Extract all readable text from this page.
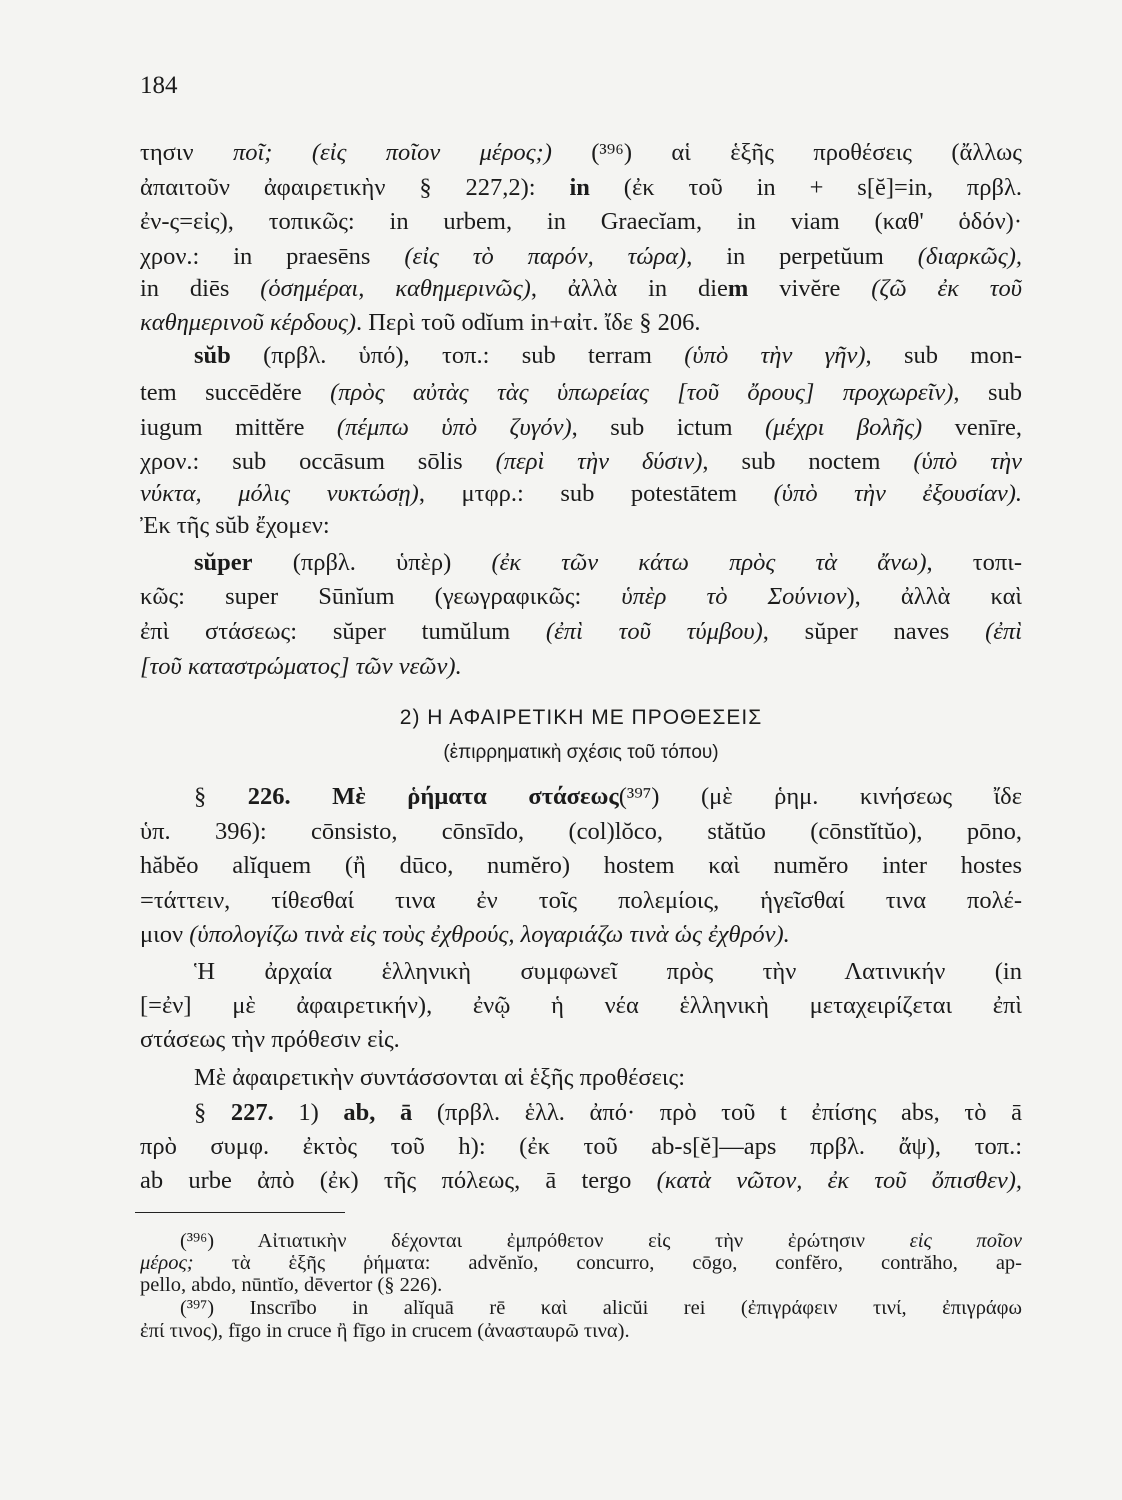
184
τησιν ποῖ; (εἰς ποῖον μέρος;) (³⁹⁶) αἱ ἑξῆς προθέσεις (ἄλλως
ἀπαιτοῦν ἀφαιρετικὴν § 227,2): in (ἐκ τοῦ in + s[ĕ]=in, πρβλ.
ἐν-ς=εἰς), τοπικῶς: in urbem, in Graecĭam, in viam (καθ' ὁδόν)·
χρον.: in praesēns (εἰς τὸ παρόν, τώρα), in perpetŭum (διαρκῶς),
in diēs (ὁσημέραι, καθημερινῶς), ἀλλὰ in diem vivĕre (ζῶ ἐκ τοῦ
καθημερινοῦ κέρδους). Περὶ τοῦ odĭum in+αἰτ. ἴδε § 206.
sŭb (πρβλ. ὑπό), τοπ.: sub terram (ὑπὸ τὴν γῆν), sub mon-
tem succēdĕre (πρὸς αὐτὰς τὰς ὑπωρείας [τοῦ ὄρους] προχωρεῖν), sub
iugum mittĕre (πέμπω ὑπὸ ζυγόν), sub ictum (μέχρι βολῆς) venīre,
χρον.: sub occāsum sōlis (περὶ τὴν δύσιν), sub noctem (ὑπὸ τὴν
νύκτα, μόλις νυκτώσῃ), μτφρ.: sub potestātem (ὑπὸ τὴν ἐξουσίαν).
Ἐκ τῆς sŭb ἔχομεν:
sŭper (πρβλ. ὑπὲρ) (ἐκ τῶν κάτω πρὸς τὰ ἄνω), τοπι-
κῶς: super Sūnĭum (γεωγραφικῶς: ὑπὲρ τὸ Σούνιον), ἀλλὰ καὶ
ἐπὶ στάσεως: sŭper tumŭlum (ἐπὶ τοῦ τύμβου), sŭper naves (ἐπὶ
[τοῦ καταστρώματος] τῶν νεῶν).
§ 226. Μὲ ῥήματα στάσεως(³⁹⁷) (μὲ ῥημ. κινήσεως ἴδε
ὑπ. 396): cōnsisto, cōnsīdo, (col)lŏco, stătŭo (cōnstĭtŭo), pōno,
hăbĕo alĭquem (ἢ dūco, numĕro) hostem καὶ numĕro inter hostes
=τάττειν, τίθεσθαί τινα ἐν τοῖς πολεμίοις, ἡγεῖσθαί τινα πολέ-
μιον (ὑπολογίζω τινὰ εἰς τοὺς ἐχθρούς, λογαριάζω τινὰ ὡς ἐχθρόν).
Ἡ ἀρχαία ἑλληνικὴ συμφωνεῖ πρὸς τὴν Λατινικήν (in
[=ἐν] μὲ ἀφαιρετικήν), ἐνῷ ἡ νέα ἑλληνικὴ μεταχειρίζεται ἐπὶ
στάσεως τὴν πρόθεσιν εἰς.
Μὲ ἀφαιρετικὴν συντάσσονται αἱ ἑξῆς προθέσεις:
§ 227. 1) ab, ā (πρβλ. ἑλλ. ἀπό· πρὸ τοῦ t ἐπίσης abs, τὸ ā
πρὸ συμφ. ἐκτὸς τοῦ h): (ἐκ τοῦ ab-s[ĕ]—aps πρβλ. ἄψ), τοπ.:
ab urbe ἀπὸ (ἐκ) τῆς πόλεως, ā tergo (κατὰ νῶτον, ἐκ τοῦ ὄπισθεν),
(³⁹⁶) Αἰτιατικὴν δέχονται ἐμπρόθετον εἰς τὴν ἐρώτησιν εἰς ποῖον
μέρος; τὰ ἑξῆς ῥήματα: advĕnĭo, concurro, cōgo, confĕro, contrăho, ap-
pello, abdo, nūntĭo, dēvertor (§ 226).
(³⁹⁷) Inscrībo in alĭquā rē καὶ alicŭi rei (ἐπιγράφειν τινί, ἐπιγράφω
ἐπί τινος), fīgo in cruce ἢ fīgo in crucem (ἀνασταυρῶ τινα).
2) Η ΑΦΑΙΡΕΤΙΚΗ ΜΕ ΠΡΟΘΕΣΕΙΣ
(ἐπιρρηματικὴ σχέσις τοῦ τόπου)
